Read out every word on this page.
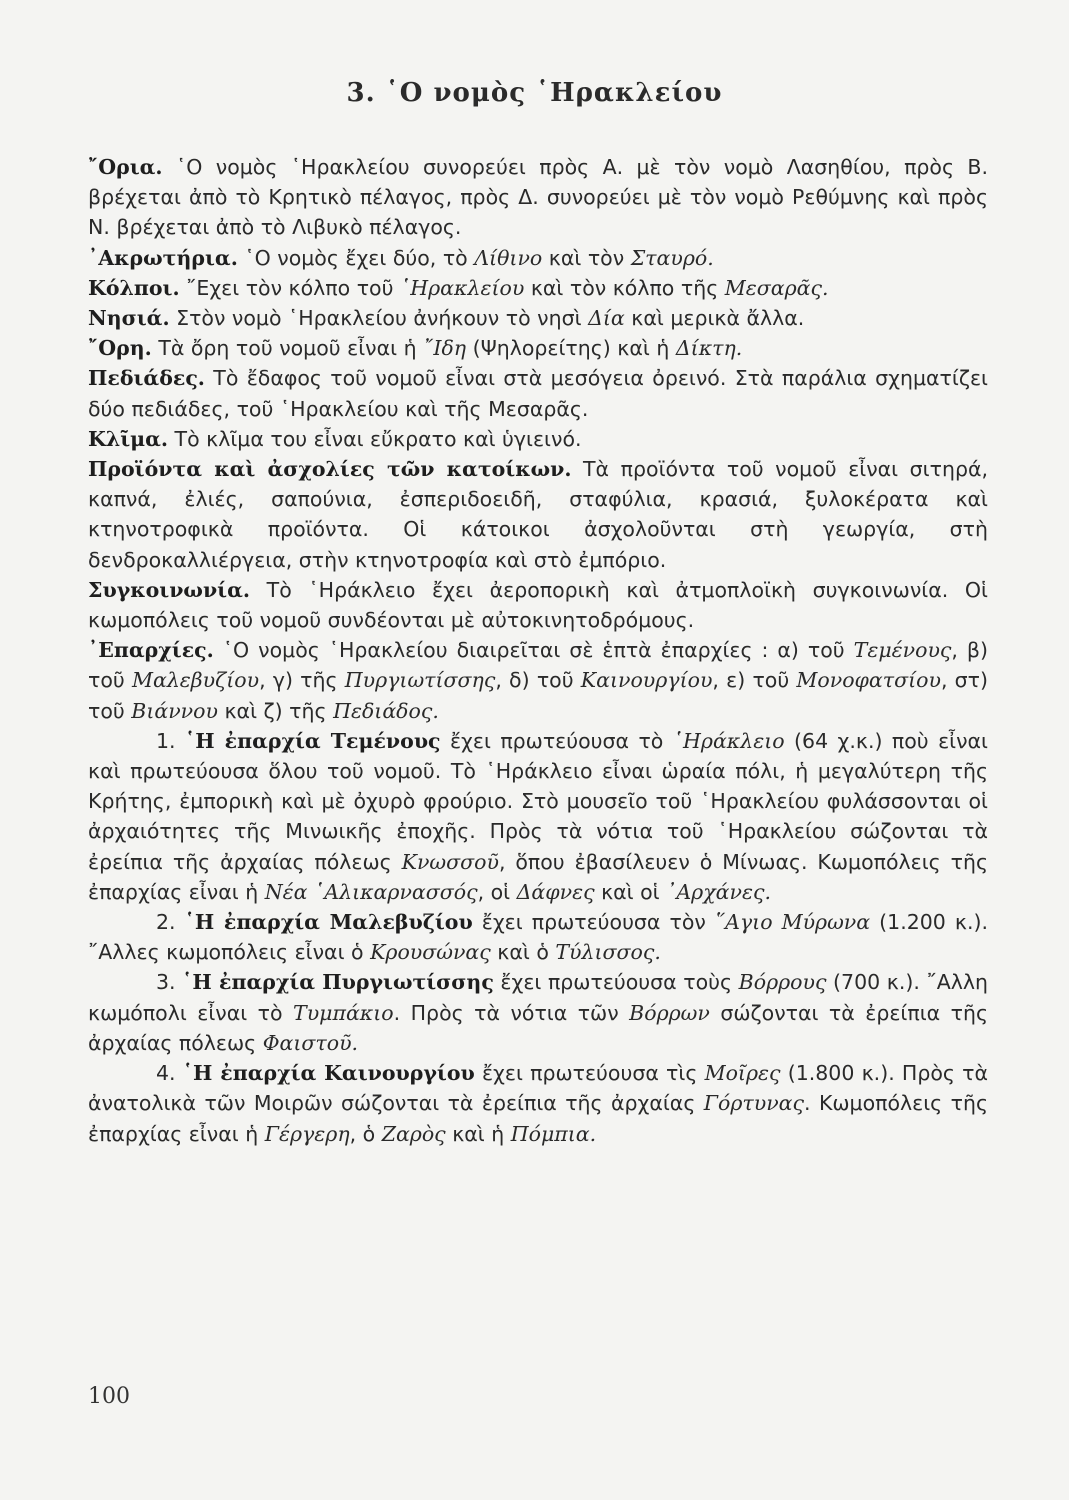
3. ῾Ο νομὸς ῾Ηρακλείου

῎Ορια. ῾Ο νομὸς ῾Ηρακλείου συνορεύει πρὸς Α. μὲ τὸν νομὸ Λασηθίου, πρὸς Β. βρέχεται ἀπὸ τὸ Κρητικὸ πέλαγος, πρὸς Δ. συνορεύει μὲ τὸν νομὸ Ρεθύμνης καὶ πρὸς Ν. βρέχεται ἀπὸ τὸ Λιβυκὸ πέλαγος.

᾽Ακρωτήρια. ῾Ο νομὸς ἔχει δύο, τὸ Λίθινο καὶ τὸν Σταυρό.

Κόλποι. ῎Εχει τὸν κόλπο τοῦ ῾Ηρακλείου καὶ τὸν κόλπο τῆς Μεσαρᾶς.

Νησιά. Στὸν νομὸ ῾Ηρακλείου ἀνήκουν τὸ νησὶ Δία καὶ μερικὰ ἄλλα.

῎Ορη. Τὰ ὄρη τοῦ νομοῦ εἶναι ἡ ῎Ιδη (Ψηλορείτης) καὶ ἡ Δίκτη.

Πεδιάδες. Τὸ ἔδαφος τοῦ νομοῦ εἶναι στὰ μεσόγεια ὀρεινό. Στὰ παράλια σχηματίζει δύο πεδιάδες, τοῦ ῾Ηρακλείου καὶ τῆς Μεσαρᾶς.

Κλῖμα. Τὸ κλῖμα του εἶναι εὔκρατο καὶ ὑγιεινό.

Προϊόντα καὶ ἀσχολίες τῶν κατοίκων. Τὰ προϊόντα τοῦ νομοῦ εἶναι σιτηρά, καπνά, ἐλιές, σαπούνια, ἐσπεριδοειδῆ, σταφύλια, κρασιά, ξυλοκέρατα καὶ κτηνοτροφικὰ προϊόντα. Οἱ κάτοικοι ἀσχολοῦνται στὴ γεωργία, στὴ δενδροκαλλιέργεια, στὴν κτηνοτροφία καὶ στὸ ἐμπόριο.

Συγκοινωνία. Τὸ ῾Ηράκλειο ἔχει ἀεροπορικὴ καὶ ἀτμοπλοϊκὴ συγκοινωνία. Οἱ κωμοπόλεις τοῦ νομοῦ συνδέονται μὲ αὐτοκινητοδρόμους.

᾽Επαρχίες. ῾Ο νομὸς ῾Ηρακλείου διαιρεῖται σὲ ἑπτὰ ἐπαρχίες : α) τοῦ Τεμένους, β) τοῦ Μαλεβυζίου, γ) τῆς Πυργιωτίσσης, δ) τοῦ Καινουργίου, ε) τοῦ Μονοφατσίου, στ) τοῦ Βιάννου καὶ ζ) τῆς Πεδιάδος.

1. ῾Η ἐπαρχία Τεμένους ἔχει πρωτεύουσα τὸ ῾Ηράκλειο (64 χ.κ.) ποὺ εἶναι καὶ πρωτεύουσα ὅλου τοῦ νομοῦ. Τὸ ῾Ηράκλειο εἶναι ὡραία πόλι, ἡ μεγαλύτερη τῆς Κρήτης, ἐμπορικὴ καὶ μὲ ὀχυρὸ φρούριο. Στὸ μουσεῖο τοῦ ῾Ηρακλείου φυλάσσονται οἱ ἀρχαιότητες τῆς Μινωικῆς ἐποχῆς. Πρὸς τὰ νότια τοῦ ῾Ηρακλείου σώζονται τὰ ἐρείπια τῆς ἀρχαίας πόλεως Κνωσσοῦ, ὅπου ἐβασίλευεν ὁ Μίνωας. Κωμοπόλεις τῆς ἐπαρχίας εἶναι ἡ Νέα ῾Αλικαρνασσός, οἱ Δάφνες καὶ οἱ ᾽Αρχάνες.

2. ῾Η ἐπαρχία Μαλεβυζίου ἔχει πρωτεύουσα τὸν ῞Αγιο Μύρωνα (1.200 κ.). ῎Αλλες κωμοπόλεις εἶναι ὁ Κρουσώνας καὶ ὁ Τύλισσος.

3. ῾Η ἐπαρχία Πυργιωτίσσης ἔχει πρωτεύουσα τοὺς Βόρρους (700 κ.). ῎Αλλη κωμόπολι εἶναι τὸ Τυμπάκιο. Πρὸς τὰ νότια τῶν Βόρρων σώζονται τὰ ἐρείπια τῆς ἀρχαίας πόλεως Φαιστοῦ.

4. ῾Η ἐπαρχία Καινουργίου ἔχει πρωτεύουσα τὶς Μοῖρες (1.800 κ.). Πρὸς τὰ ἀνατολικὰ τῶν Μοιρῶν σώζονται τὰ ἐρείπια τῆς ἀρχαίας Γόρτυνας. Κωμοπόλεις τῆς ἐπαρχίας εἶναι ἡ Γέργερη, ὁ Ζαρὸς καὶ ἡ Πόμπια.

100
